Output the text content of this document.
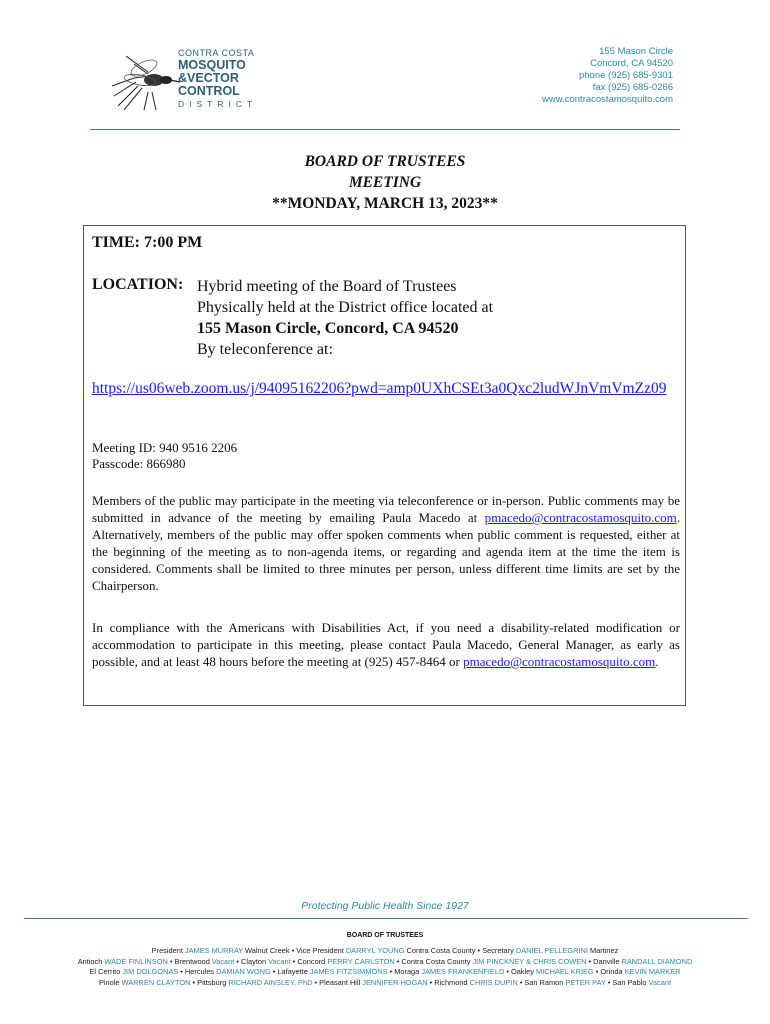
CONTRA COSTA
MOSQUITO
&VECTOR
CONTROL
DISTRICT
155 Mason Circle
Concord, CA 94520
phone (925) 685-9301
fax (925) 685-0266
www.contracostamosquito.com
BOARD OF TRUSTEES
MEETING
**MONDAY, MARCH 13, 2023**
TIME: 7:00 PM
LOCATION: Hybrid meeting of the Board of Trustees
Physically held at the District office located at
155 Mason Circle, Concord, CA 94520
By teleconference at:
https://us06web.zoom.us/j/94095162206?pwd=amp0UXhCSEt3a0Qxc2ludWJnVmVmZz09
Meeting ID: 940 9516 2206
Passcode: 866980
Members of the public may participate in the meeting via teleconference or in-person. Public comments may be submitted in advance of the meeting by emailing Paula Macedo at pmacedo@contracostamosquito.com. Alternatively, members of the public may offer spoken comments when public comment is requested, either at the beginning of the meeting as to non-agenda items, or regarding and agenda item at the time the item is considered. Comments shall be limited to three minutes per person, unless different time limits are set by the Chairperson.
In compliance with the Americans with Disabilities Act, if you need a disability-related modification or accommodation to participate in this meeting, please contact Paula Macedo, General Manager, as early as possible, and at least 48 hours before the meeting at (925) 457-8464 or pmacedo@contracostamosquito.com.
Protecting Public Health Since 1927
BOARD OF TRUSTEES
President JAMES MURRAY Walnut Creek • Vice President DARRYL YOUNG Contra Costa County • Secretary DANIEL PELLEGRINI Martinez
Antioch WADE FINLINSON • Brentwood Vacant • Clayton Vacant • Concord PERRY CARLSTON • Contra Costa County JIM PINCKNEY & CHRIS COWEN • Danville RANDALL DIAMOND
El Cerrito JIM DOLGONAS • Hercules DAMIAN WONG • Lafayette JAMES FITZSIMMONS • Moraga JAMES FRANKENFIELD • Oakley MICHAEL KRIEG • Orinda KEVIN MARKER
Pinole WARREN CLAYTON • Pittsburg RICHARD AINSLEY, PhD • Pleasant Hill JENNIFER HOGAN • Richmond CHRIS DUPIN • San Ramon PETER PAY • San Pablo Vacant
